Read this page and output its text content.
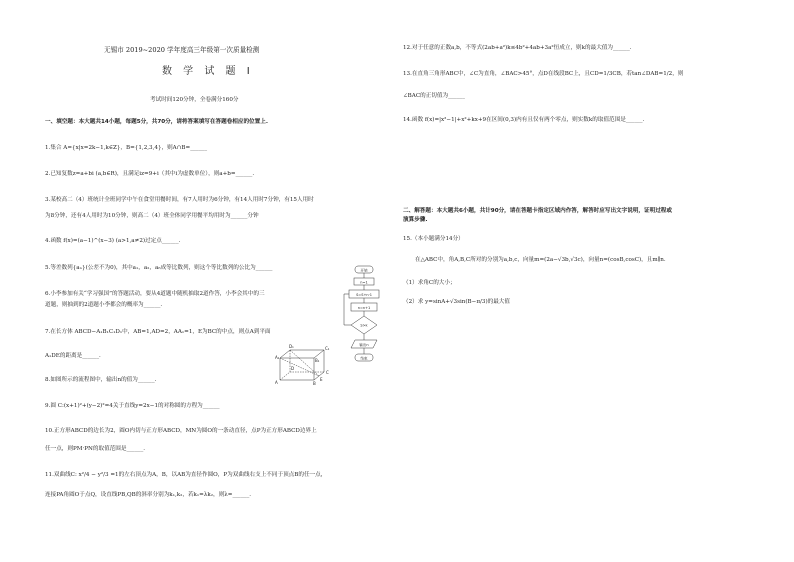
无锡市 2019~2020 学年度高三年级第一次质量检测
数 学 试 题 Ⅰ
考试时间120分钟，全卷满分160分
一、填空题：本大题共14小题，每题5分，共70分，请将答案填写在答题卷相应的位置上.
1.集合 A={x|x=2k−1,k∈Z}，B={1,2,3,4}，则A∩B=______
2.已知复数z=a+bi (a,b∈R)，且满足iz=9+i（其中i为虚数单位），则a+b=______.
3.某校高二（4）班统计全班同学中午在食堂用餐时间，有7人用时为6分钟，有14人用时7分钟，有15人用时
为8分钟，还有4人用时为10分钟，则高二（4）班全体同学用餐平均用时为______分钟
4.函数 f(x)=(a−1)^(x−3) (a>1,a≠2)过定点______.
5.等差数列{aₙ}(公差不为0)，其中a₁，a₂，a₆成等比数列，则这个等比数列的公比为______
6.小李参加有关“学习强国”的答题活动，要从4道题中随机抽取2道作答，小李会其中的三
道题，则抽到的2道题小李都会的概率为______.
7.在长方体 ABCD−A₁B₁C₁D₁中，AB=1,AD=2，AA₁=1，E为BC的中点，则点A到平面
A₁DE的距离是______.
8.如图所示的流程图中，输出n的值为______.
9.圆 C:(x+1)²+(y−2)²=4关于直线y=2x−1的对称圆的方程为______
10.正方形ABCD的边长为2，圆O内切与正方形ABCD，MN为圆O的一条动直径，点P为正方形ABCD边界上
任一点，则PM·PN的取值范围是______.
11.双曲线C: x²/4 − y²/3 =1的左右顶点为A，B，以AB为直径作圆O，P为双曲线右支上不同于顶点B的任一点，
连接PA角圆O于点Q，设直线PB,QB的斜率分别为k₁,k₂，若k₁=λk₂，则λ=______.
开始
n=1
S=S+n·1
n=n+1
S>k
输出n
结束
A₁
B₁
C₁
D₁
A	B
C
D
E
12.对于任意的正数a,b，不等式(2ab+a²)k≤4b²+4ab+3a²恒成立，则k的最大值为______.
13.在直角三角形ABC中，∠C为直角，∠BAC>45°，点D在线段BC上，且CD=1/3CB，若tan∠DAB=1/2，则
∠BAC的正切值为______
14.函数 f(x)=|x²−1|+x²+kx+9在区间(0,3)内有且仅有两个零点，则实数k的取值范围是______.
二、解答题：本大题共6小题，共计90分，请在答题卡指定区域内作答，解答时应写出文字说明，证明过程或
演算步骤.
15.（本小题满分14分）
在△ABC中，角A,B,C所对的分别为a,b,c，向量m=(2a−√3b,√3c)，向量n=(cosB,cosC)，且m∥n.
（1）求角C的大小；
（2）求 y=sinA+√3sin(B−π/3)的最大值
